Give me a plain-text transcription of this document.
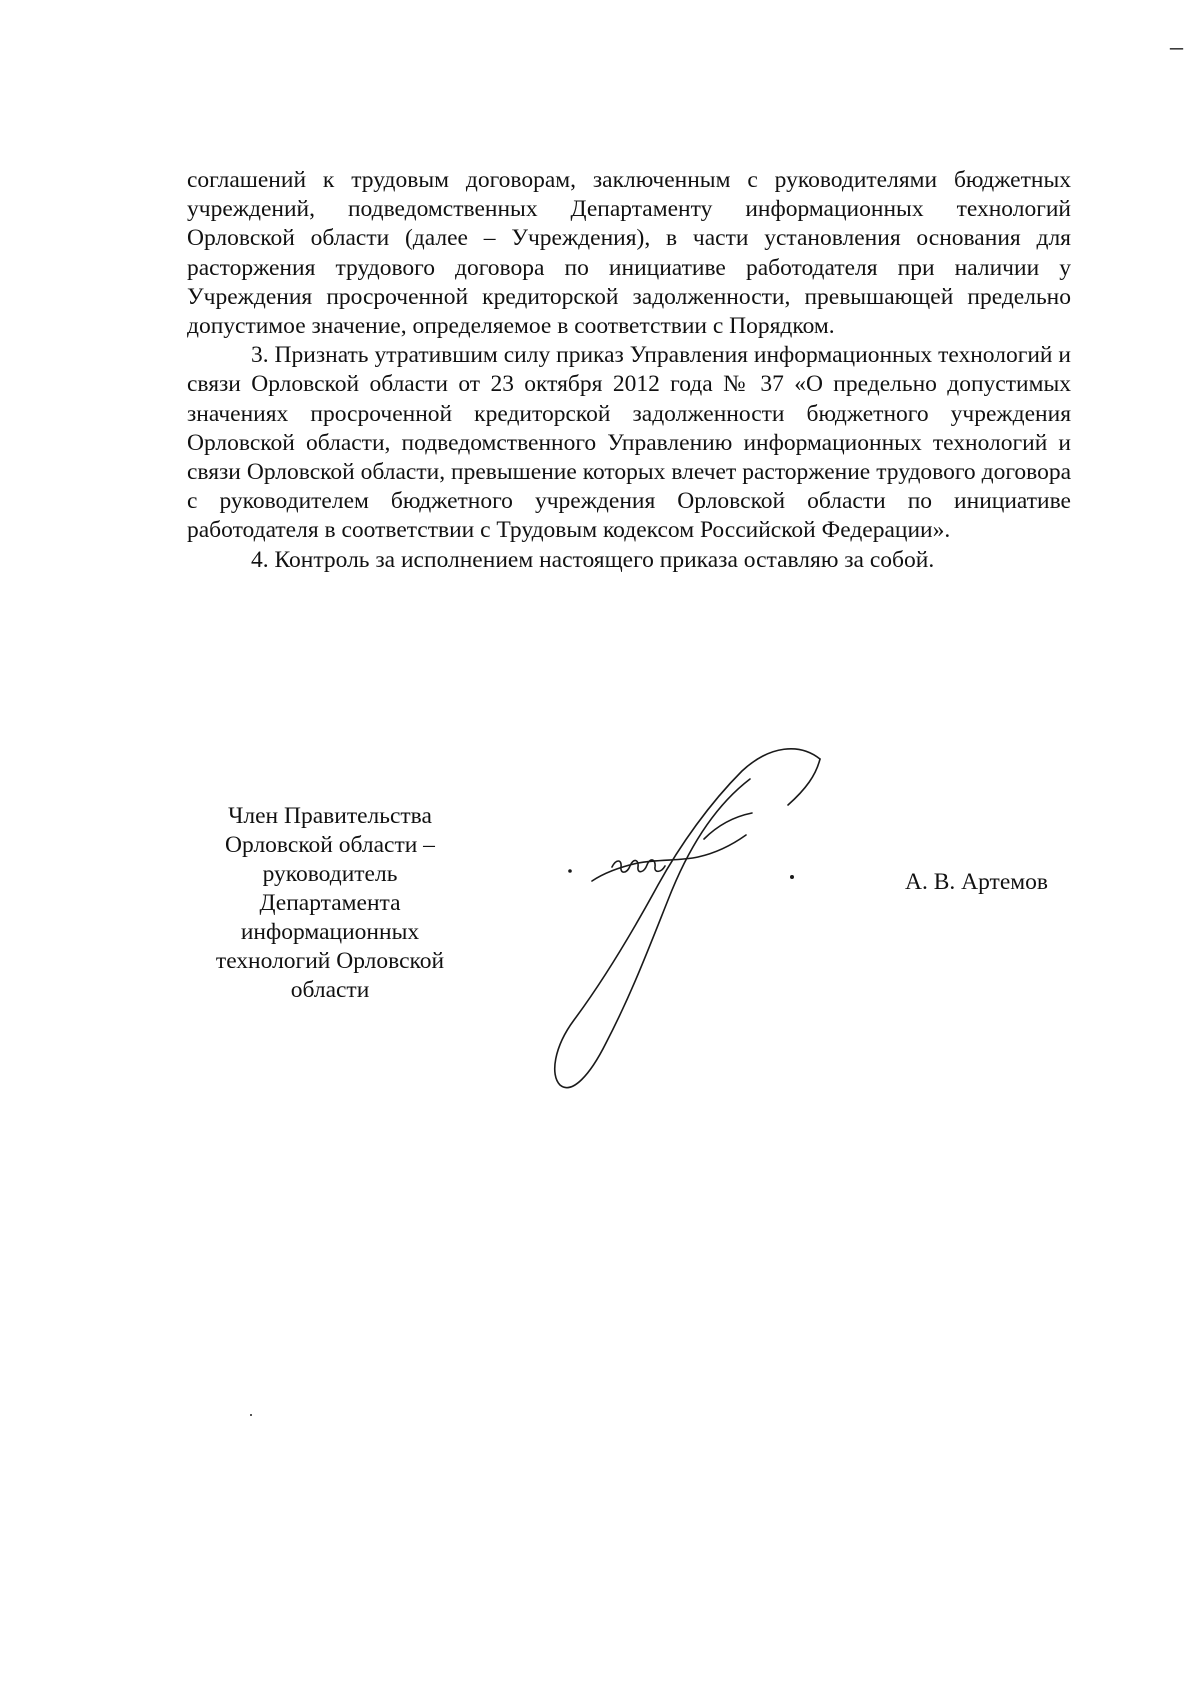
–

соглашений к трудовым договорам, заключенным с руководителями бюджетных учреждений, подведомственных Департаменту информационных технологий Орловской области (далее – Учреждения), в части установления основания для расторжения трудового договора по инициативе работодателя при наличии у Учреждения просроченной кредиторской задолженности, превышающей предельно допустимое значение, определяемое в соответствии с Порядком.

3. Признать утратившим силу приказ Управления информационных технологий и связи Орловской области от 23 октября 2012 года № 37 «О предельно допустимых значениях просроченной кредиторской задолженности бюджетного учреждения Орловской области, подведомственного Управлению информационных технологий и связи Орловской области, превышение которых влечет расторжение трудового договора с руководителем бюджетного учреждения Орловской области по инициативе работодателя в соответствии с Трудовым кодексом Российской Федерации».

4. Контроль за исполнением настоящего приказа оставляю за собой.

Член Правительства
Орловской области –
руководитель
Департамента
информационных
технологий Орловской
области
А. В. Артемов
